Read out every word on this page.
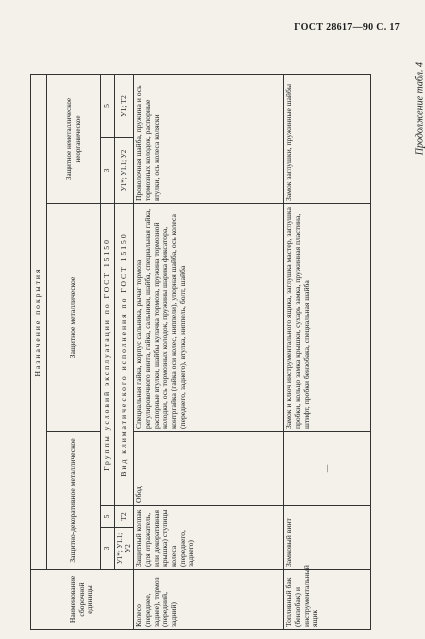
ГОСТ 28617—90 С. 17
Продолжение табл. 4
Наименование сборочной единицы	Назначение покрытия						
	Защитно-декоративное металлическое			Защитное металлическое	Защитное неметаллическое неорганическое		
	3	5	Группы условий эксплуатации по ГОСТ 15150		3	5	
	У1*; У1.1; У2	Т2	Вид климатического исполнения по ГОСТ 15150		У1*; У1.1; У2	У1; Т2	
Колесо (переднее, заднее), тормоз (передний, задний)	Защитный колпак (для отражатель, или декоративная крышка) ступицы колеса (переднего, заднего)		Обод	Специальная гайка, корпус сальника, рычаг тормоза регулировочного винта, гайка, сальники, шайба, специальная гайка, распорные втулки, шайбы кулачка тормоза, пружина тормозной колодки, ось тормозных колодок, пружины шарика фиксатора, контргайка (гайка оси колес, ниппели), упорная шайба, ось колеса (переднего, заднего), втулка, ниппель, болт, шайба	Проволочная шайба, пружина и ось тормозных колодок, распорные втулки, ось колеса коляски		
Топливный бак (бензобак) и инструментальный ящик	Замковый винт		—	Замок и ключ инструментального ящика, заглушка мастер, заглушка пробки, кольцо замка крышки, сухарь замка, пружинная пластина, штифт, пробки бензобака, специальная шайба	Замок заглушки, пружинные шайбы		
